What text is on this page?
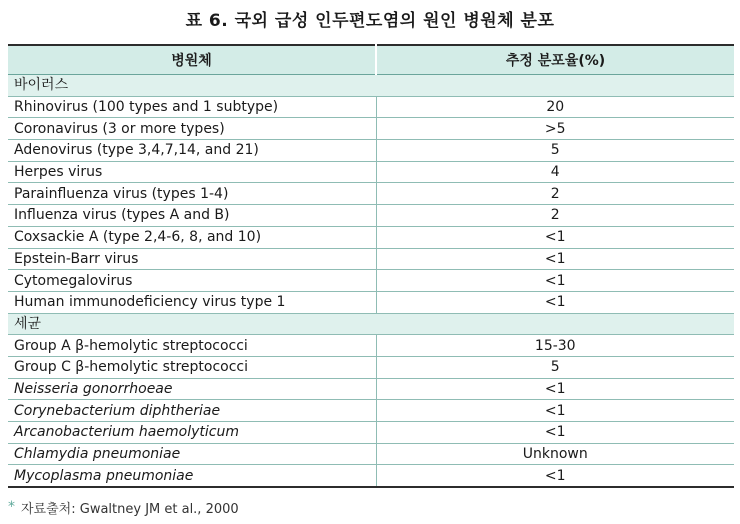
표 6. 국외 급성 인두편도염의 원인 병원체 분포
병원체	추정 분포율(%)
바이러스	
Rhinovirus (100 types and 1 subtype)	20
Coronavirus (3 or more types)	>5
Adenovirus (type 3,4,7,14, and 21)	5
Herpes virus	4
Parainfluenza virus (types 1-4)	2
Influenza virus (types A and B)	2
Coxsackie A (type 2,4-6, 8, and 10)	<1
Epstein-Barr virus	<1
Cytomegalovirus	<1
Human immunodeficiency virus type 1	<1
세균	
Group A β-hemolytic streptococci	15-30
Group C β-hemolytic streptococci	5
Neisseria gonorrhoeae	<1
Corynebacterium diphtheriae	<1
Arcanobacterium haemolyticum	<1
Chlamydia pneumoniae	Unknown
Mycoplasma pneumoniae	<1
* 자료출처: Gwaltney JM et al., 2000
